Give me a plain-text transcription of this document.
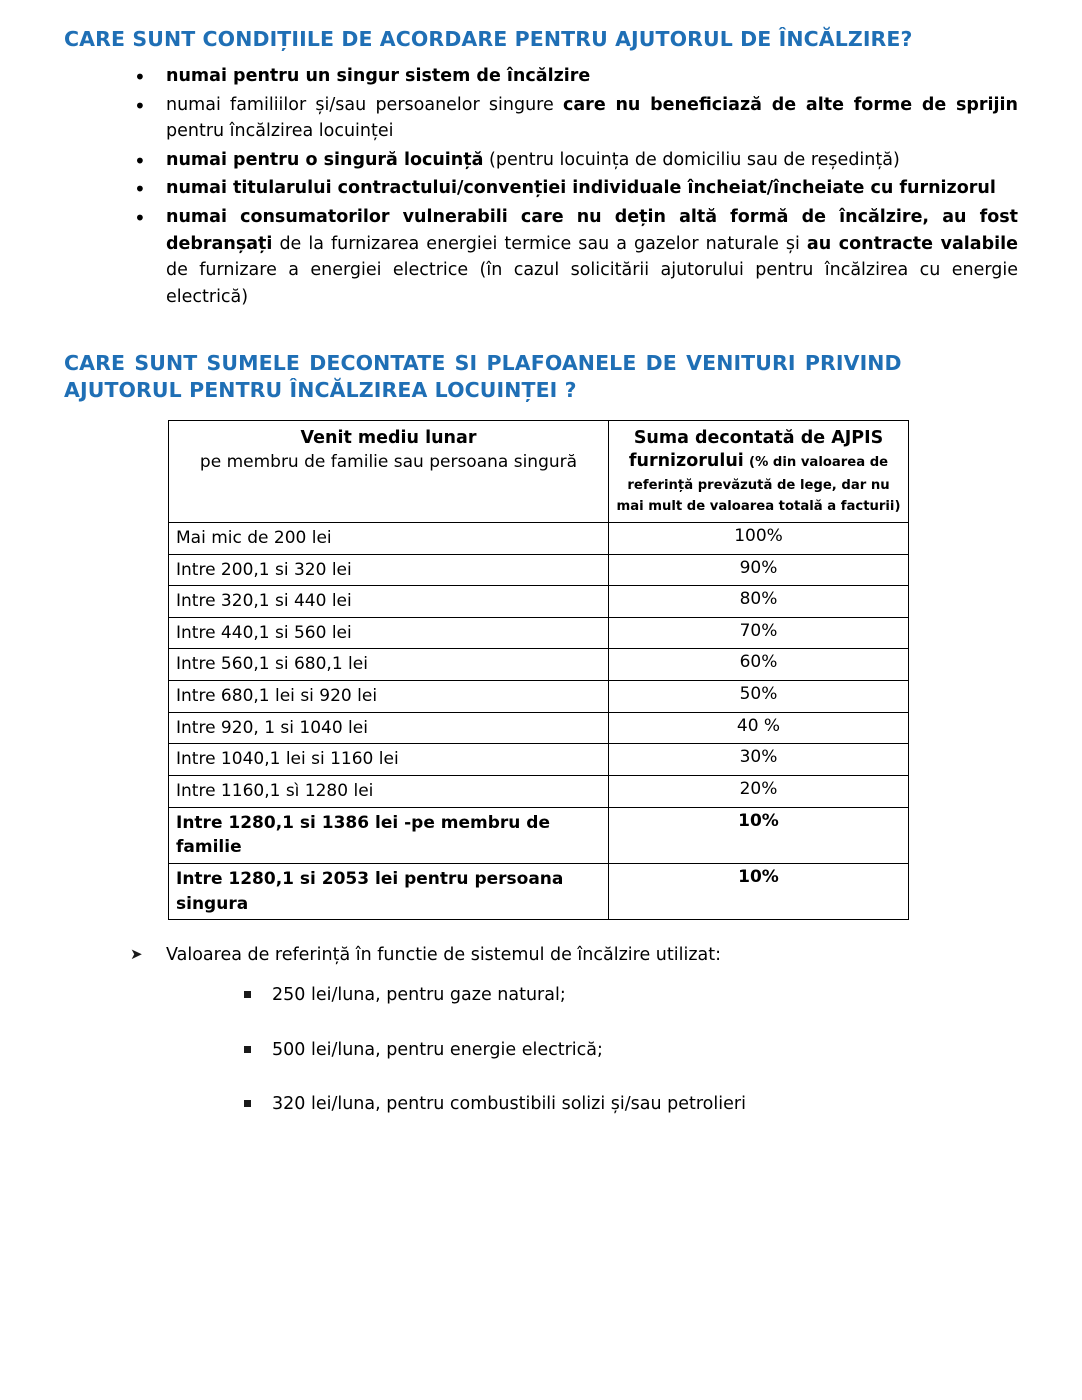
CARE SUNT CONDIȚIILE DE ACORDARE PENTRU AJUTORUL DE ÎNCĂLZIRE?
• numai pentru un singur sistem de încălzire
• numai familiilor și/sau persoanelor singure care nu beneficiază de alte forme de sprijin pentru încălzirea locuinței
• numai pentru o singură locuință (pentru locuința de domiciliu sau de reședință)
• numai titularului contractului/convenției individuale încheiat/încheiate cu furnizorul
• numai consumatorilor vulnerabili care nu dețin altă formă de încălzire, au fost debranșați de la furnizarea energiei termice sau a gazelor naturale și au contracte valabile de furnizare a energiei electrice (în cazul solicitării ajutorului pentru încălzirea cu energie electrică)
CARE SUNT SUMELE DECONTATE SI PLAFOANELE DE VENITURI PRIVIND
AJUTORUL PENTRU ÎNCĂLZIREA LOCUINȚEI ?
Venit mediu lunar
pe membru de familie sau persoana singură	Suma decontată de AJPIS
furnizorului (% din valoarea de referință prevăzută de lege, dar nu mai mult de valoarea totală a facturii)
Mai mic de 200 lei	100%
Intre 200,1 si 320 lei	90%
Intre 320,1 si 440 lei	80%
Intre 440,1 si 560 lei	70%
Intre 560,1 si 680,1 lei	60%
Intre 680,1 lei si 920 lei	50%
Intre 920, 1 si 1040 lei	40 %
Intre 1040,1 lei si 1160 lei	30%
Intre 1160,1 sì 1280 lei	20%
Intre 1280,1 si 1386 lei -pe membru de familie	10%
Intre 1280,1 si 2053 lei pentru persoana singura	10%
➤ Valoarea de referință în functie de sistemul de încălzire utilizat:
250 lei/luna, pentru gaze natural;
500 lei/luna, pentru energie electrică;
320 lei/luna, pentru combustibili solizi și/sau petrolieri
